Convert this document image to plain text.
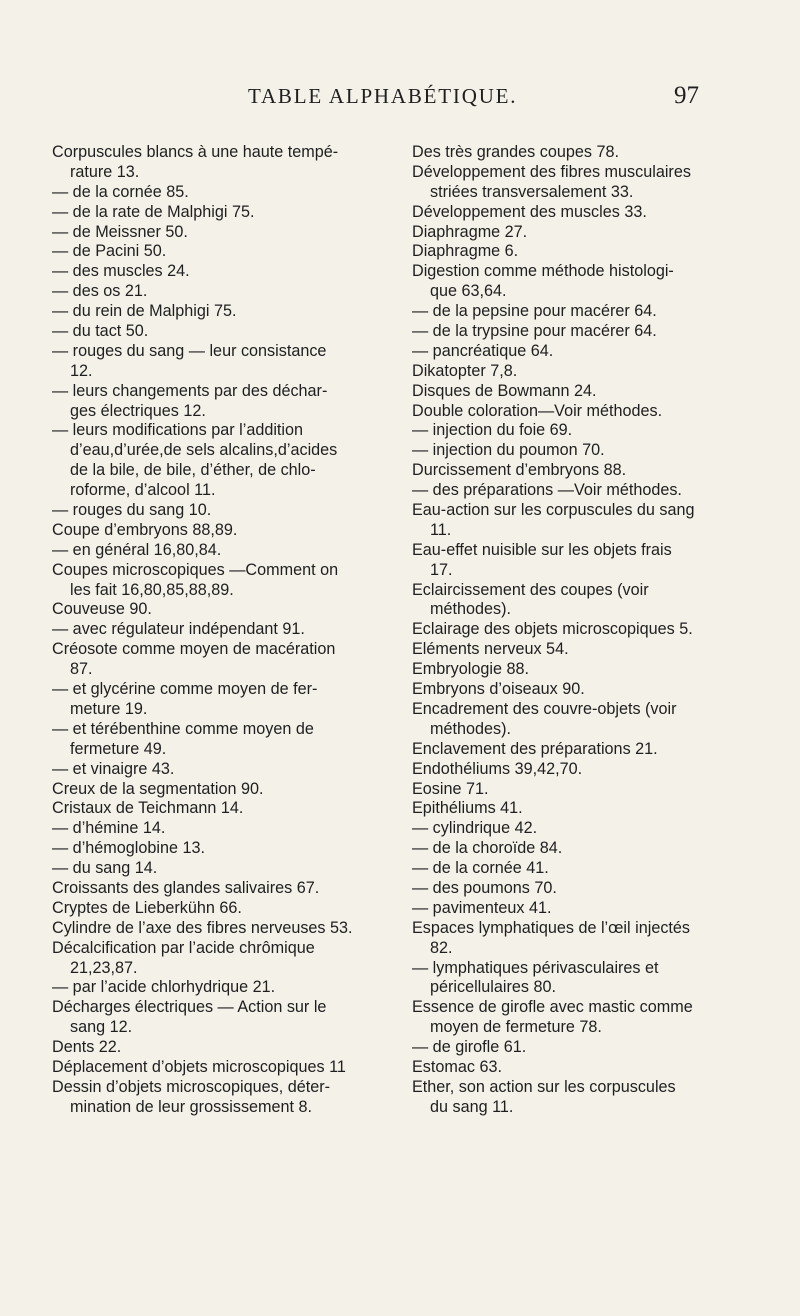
TABLE ALPHABÉTIQUE.	97
Corpuscules blancs à une haute tempé-
rature 13.
— de la cornée 85.
— de la rate de Malphigi 75.
— de Meissner 50.
— de Pacini 50.
— des muscles 24.
— des os 21.
— du rein de Malphigi 75.
— du tact 50.
— rouges du sang — leur consistance
12.
— leurs changements par des déchar-
ges électriques 12.
— leurs modifications par l’addition
d’eau,d’urée,de sels alcalins,d’acides
de la bile, de bile, d’éther, de chlo-
roforme, d’alcool 11.
— rouges du sang 10.
Coupe d’embryons 88,89.
— en général 16,80,84.
Coupes microscopiques —Comment on
les fait 16,80,85,88,89.
Couveuse 90.
— avec régulateur indépendant 91.
Créosote comme moyen de macération
87.
— et glycérine comme moyen de fer-
meture 19.
— et térébenthine comme moyen de
fermeture 49.
— et vinaigre 43.
Creux de la segmentation 90.
Cristaux de Teichmann 14.
— d’hémine 14.
— d’hémoglobine 13.
— du sang 14.
Croissants des glandes salivaires 67.
Cryptes de Lieberkühn 66.
Cylindre de l’axe des fibres nerveuses 53.
Décalcification par l’acide chrômique
21,23,87.
— par l’acide chlorhydrique 21.
Décharges électriques — Action sur le
sang 12.
Dents 22.
Déplacement d’objets microscopiques 11
Dessin d’objets microscopiques, déter-
mination de leur grossissement 8.
Des très grandes coupes 78.
Développement des fibres musculaires
striées transversalement 33.
Développement des muscles 33.
Diaphragme 27.
Diaphragme 6.
Digestion comme méthode histologi-
que 63,64.
— de la pepsine pour macérer 64.
— de la trypsine pour macérer 64.
— pancréatique 64.
Dikatopter 7,8.
Disques de Bowmann 24.
Double coloration—Voir méthodes.
— injection du foie 69.
— injection du poumon 70.
Durcissement d’embryons 88.
— des préparations —Voir méthodes.
Eau-action sur les corpuscules du sang
11.
Eau-effet nuisible sur les objets frais
17.
Eclaircissement des coupes (voir
méthodes).
Eclairage des objets microscopiques 5.
Eléments nerveux 54.
Embryologie 88.
Embryons d’oiseaux 90.
Encadrement des couvre-objets (voir
méthodes).
Enclavement des préparations 21.
Endothéliums 39,42,70.
Eosine 71.
Epithéliums 41.
— cylindrique 42.
— de la choroïde 84.
— de la cornée 41.
— des poumons 70.
— pavimenteux 41.
Espaces lymphatiques de l’œil injectés
82.
— lymphatiques périvasculaires et
péricellulaires 80.
Essence de girofle avec mastic comme
moyen de fermeture 78.
— de girofle 61.
Estomac 63.
Ether, son action sur les corpuscules
du sang 11.
